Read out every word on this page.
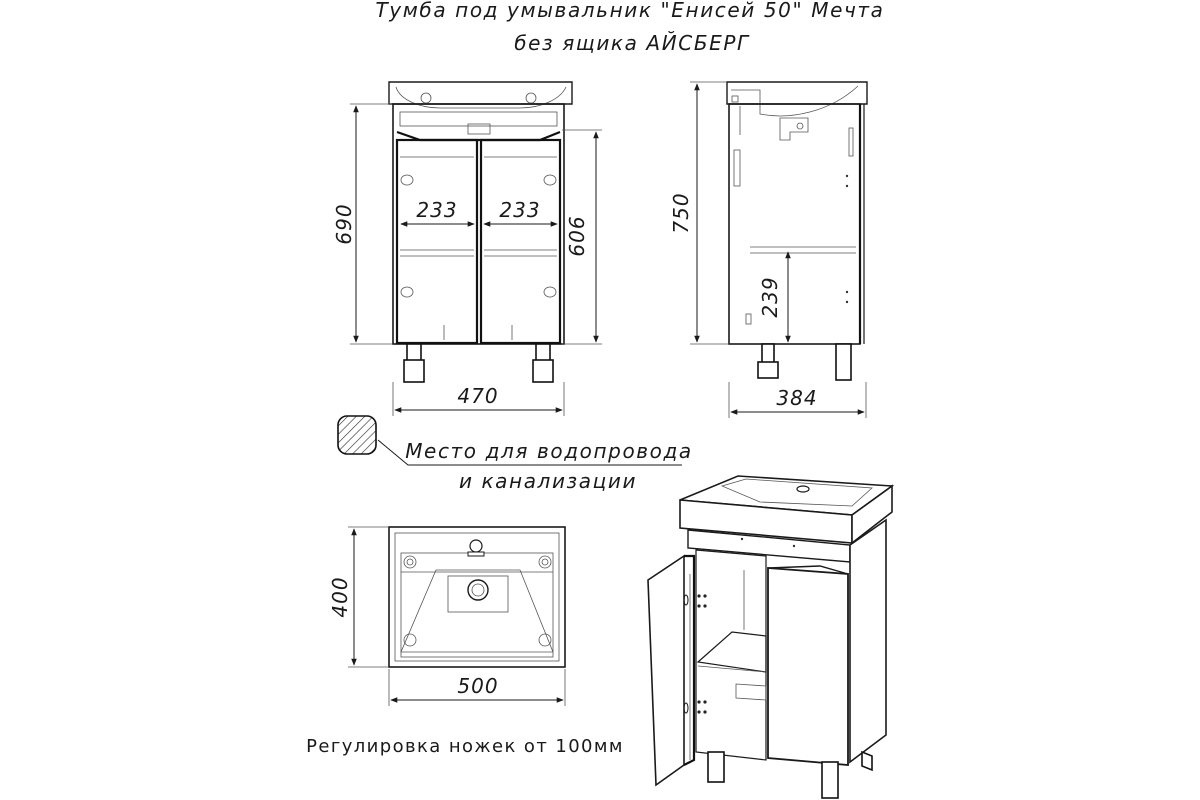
Тумба под умывальник "Енисей 50" Мечта
без ящика АЙСБЕРГ
690	606
233 233
470
750
239
384
Место для водопровода
и канализации
400
500
Регулировка ножек от 100мм
